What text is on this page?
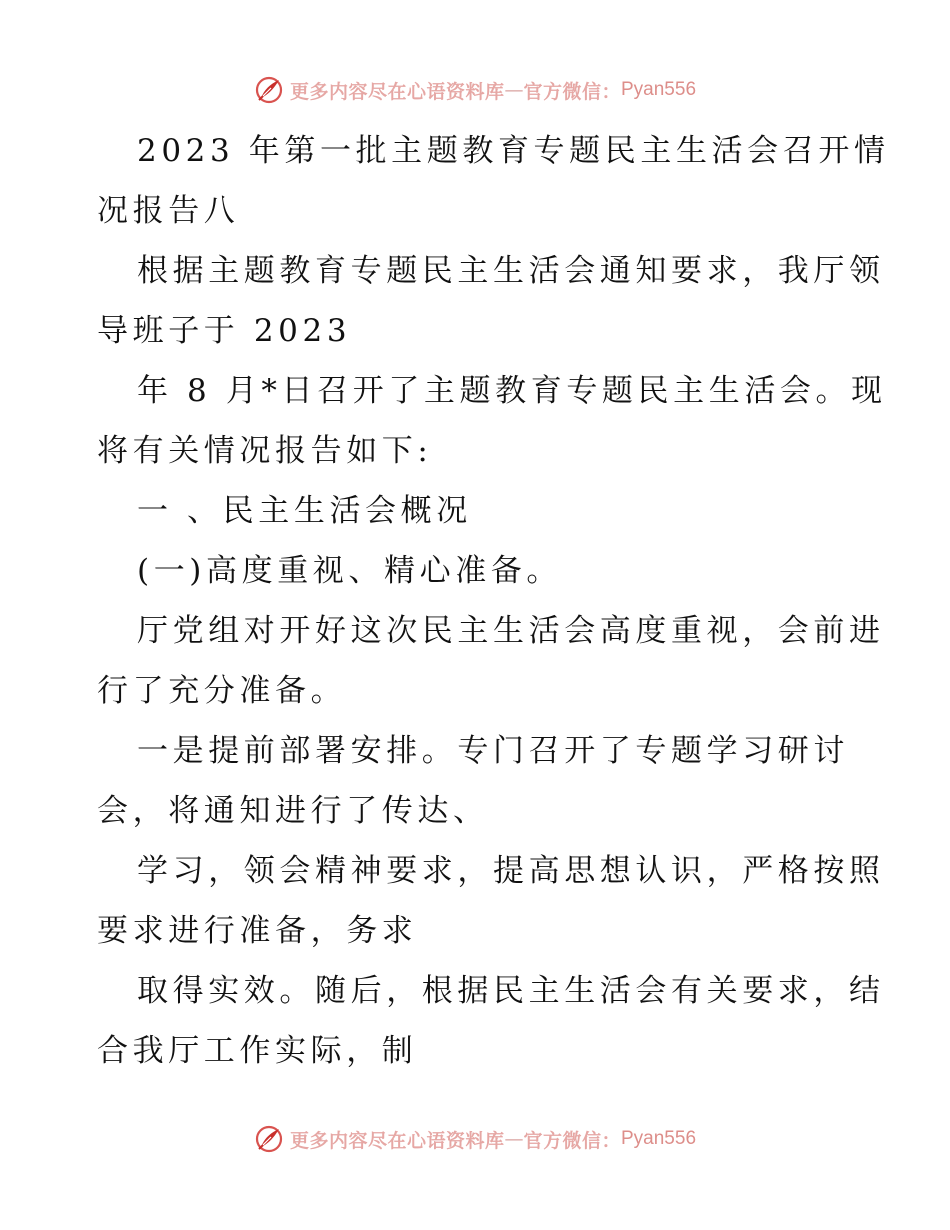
更多内容尽在心语资料库 — 官方微信： Pyan556
2023 年第一批主题教育专题民主生活会召开情
况报告八
根据主题教育专题民主生活会通知要求，我厅领
导班子于 2023
年 8 月*日召开了主题教育专题民主生活会。现
将有关情况报告如下:
一 、民主生活会概况
(一)高度重视、精心准备。
厅党组对开好这次民主生活会高度重视，会前进
行了充分准备。
一是提前部署安排。专门召开了专题学习研讨
会，将通知进行了传达、
学习，领会精神要求，提高思想认识，严格按照
要求进行准备，务求
取得实效。随后，根据民主生活会有关要求，结
合我厅工作实际，制
更多内容尽在心语资料库 — 官方微信： Pyan556
